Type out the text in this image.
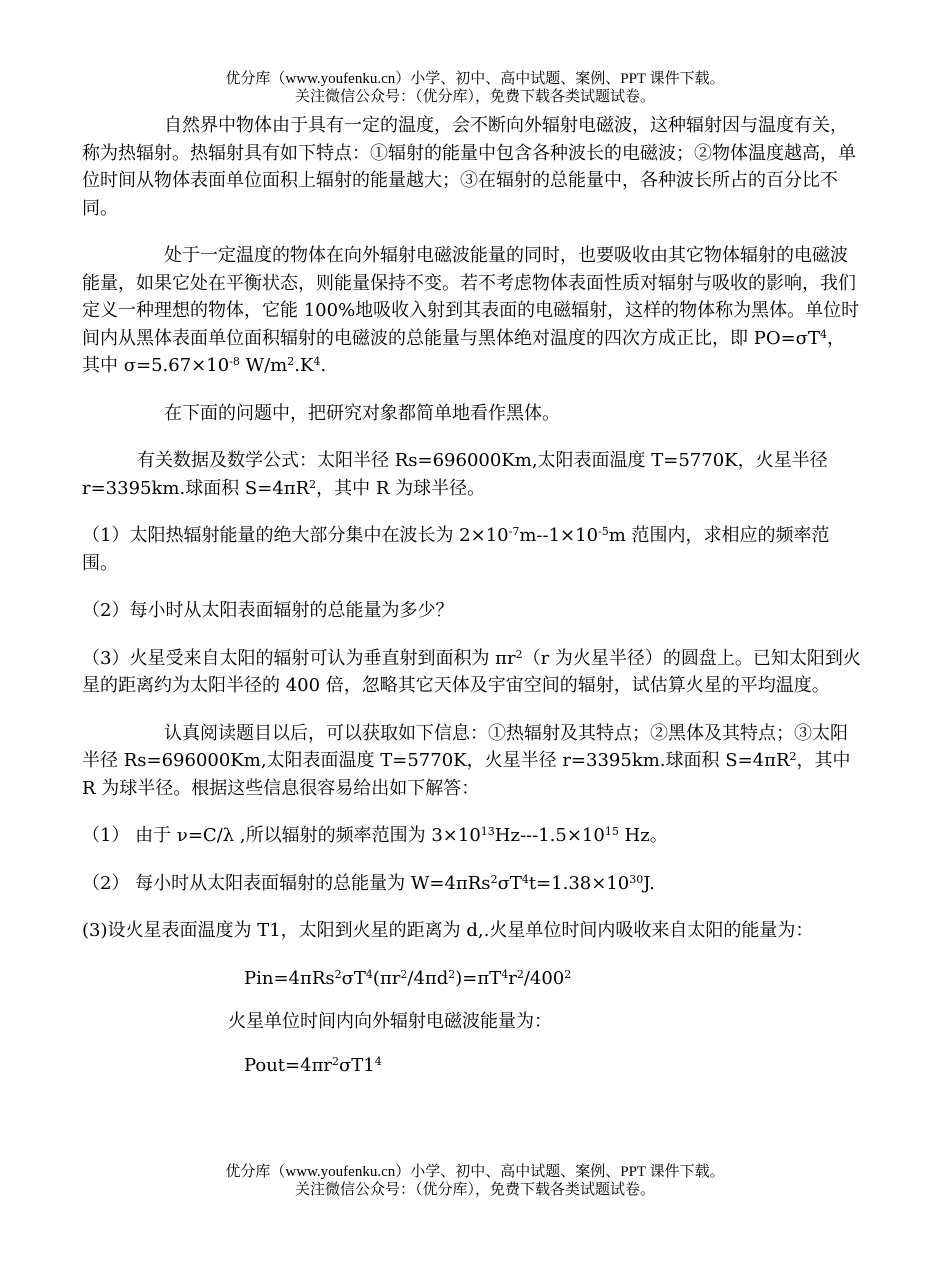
优分库（www.youfenku.cn）小学、初中、高中试题、案例、PPT 课件下载。
关注微信公众号：（优分库），免费下载各类试题试卷。

自然界中物体由于具有一定的温度，会不断向外辐射电磁波，这种辐射因与温度有关，称为热辐射。热辐射具有如下特点：①辐射的能量中包含各种波长的电磁波；②物体温度越高，单位时间从物体表面单位面积上辐射的能量越大；③在辐射的总能量中，各种波长所占的百分比不同。

处于一定温度的物体在向外辐射电磁波能量的同时，也要吸收由其它物体辐射的电磁波能量，如果它处在平衡状态，则能量保持不变。若不考虑物体表面性质对辐射与吸收的影响，我们定义一种理想的物体，它能 100%地吸收入射到其表面的电磁辐射，这样的物体称为黑体。单位时间内从黑体表面单位面积辐射的电磁波的总能量与黑体绝对温度的四次方成正比，即 $PO=\sigma T^4$，其中 $\sigma=5.67\times 10^{-8}$ $W/m^2.K^4$.

在下面的问题中，把研究对象都简单地看作黑体。

有关数据及数学公式：太阳半径 Rs=696000Km,太阳表面温度 T=5770K，火星半径 r=3395km.球面积 $S=4\pi R^2$，其中 R 为球半径。

（1）太阳热辐射能量的绝大部分集中在波长为 $2\times 10^{-7}m--1\times 10^{-5}m$ 范围内，求相应的频率范围。

（2）每小时从太阳表面辐射的总能量为多少？

（3）火星受来自太阳的辐射可认为垂直射到面积为 $\pi r^2(r$ 为火星半径）的圆盘上。已知太阳到火星的距离约为太阳半径的 400 倍，忽略其它天体及宇宙空间的辐射，试估算火星的平均温度。

认真阅读题目以后，可以获取如下信息：①热辐射及其特点；②黑体及其特点；③太阳半径 Rs=696000Km,太阳表面温度 T=5770K，火星半径 r=3395km.球面积 $S=4\pi R^2$，其中 R 为球半径。根据这些信息很容易给出如下解答：

（1） 由于 ν=C/λ ,所以辐射的频率范围为 $3\times 10^{13}Hz---1.5\times 10^{15}$ Hz。

（2） 每小时从太阳表面辐射的总能量为 $W=4\pi Rs^2\sigma T^4t=1.38\times 10^{30}J$.

(3)设火星表面温度为 T1，太阳到火星的距离为 d,.火星单位时间内吸收来自太阳的能量为：

$Pin=4\pi Rs^2\sigma T^4(\pi r^2/4\pi d^2)=\pi T^4r^2/400^2$

火星单位时间内向外辐射电磁波能量为：

$Pout=4\pi r^2\sigma T1^4$

优分库（www.youfenku.cn）小学、初中、高中试题、案例、PPT 课件下载。
关注微信公众号：（优分库），免费下载各类试题试卷。
